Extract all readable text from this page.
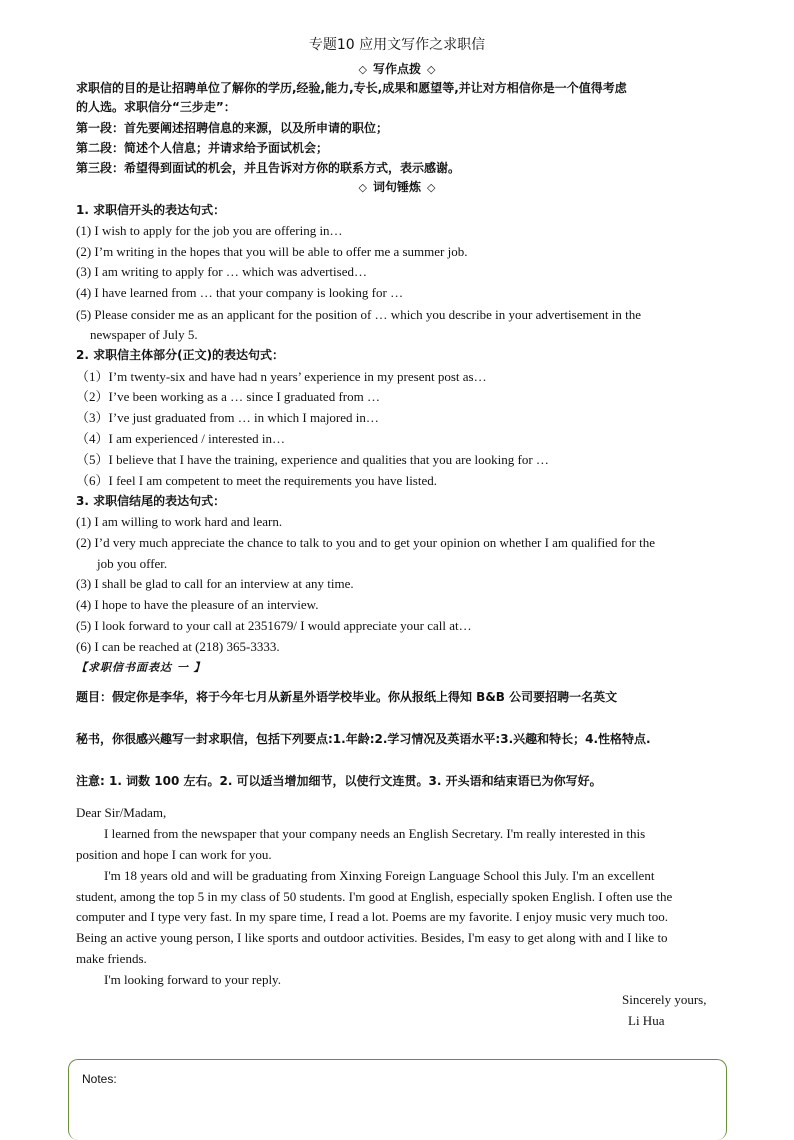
专题10 应用文写作之求职信
◇ 写作点拨 ◇
求职信的目的是让招聘单位了解你的学历,经验,能力,专长,成果和愿望等,并让对方相信你是一个值得考虑
的人选。求职信分“三步走”：
第一段：首先要阐述招聘信息的来源，以及所申请的职位；
第二段：简述个人信息；并请求给予面试机会；
第三段：希望得到面试的机会，并且告诉对方你的联系方式，表示感谢。
◇ 词句锤炼 ◇
1. 求职信开头的表达句式：
(1) I wish to apply for the job you are offering in…
(2) I’m writing in the hopes that you will be able to offer me a summer job.
(3) I am writing to apply for … which was advertised…
(4) I have learned from … that your company is looking for …
(5) Please consider me as an applicant for the position of … which you describe in your advertisement in the
newspaper of July 5.
2. 求职信主体部分(正文)的表达句式：
（1）I’m twenty-six and have had n years’ experience in my present post as…
（2）I’ve been working as a … since I graduated from …
（3）I’ve just graduated from … in which I majored in…
（4）I am experienced / interested in…
（5）I believe that I have the training, experience and qualities that you are looking for …
（6）I feel I am competent to meet the requirements you have listed.
3. 求职信结尾的表达句式：
(1) I am willing to work hard and learn.
(2) I’d very much appreciate the chance to talk to you and to get your opinion on whether I am qualified for the
job you offer.
(3) I shall be glad to call for an interview at any time.
(4) I hope to have the pleasure of an interview.
(5) I look forward to your call at 2351679/ I would appreciate your call at…
(6) I can be reached at (218) 365-3333.
【求职信书面表达 一 】
题目：假定你是李华，将于今年七月从新星外语学校毕业。你从报纸上得知 B&B 公司要招聘一名英文
秘书，你很感兴趣写一封求职信，包括下列要点:1.年龄:2.学习情况及英语水平:3.兴趣和特长；4.性格特点.
注意: 1. 词数 100 左右。2. 可以适当增加细节，以使行文连贯。3. 开头语和结束语已为你写好。
Dear Sir/Madam,
I learned from the newspaper that your company needs an English Secretary. I'm really interested in this
position and hope I can work for you.
I'm 18 years old and will be graduating from Xinxing Foreign Language School this July. I'm an excellent
student, among the top 5 in my class of 50 students. I'm good at English, especially spoken English. I often use the
computer and I type very fast. In my spare time, I read a lot. Poems are my favorite. I enjoy music very much too.
Being an active young person, I like sports and outdoor activities. Besides, I'm easy to get along with and I like to
make friends.
I'm looking forward to your reply.
Sincerely yours,
Li Hua
Notes:
